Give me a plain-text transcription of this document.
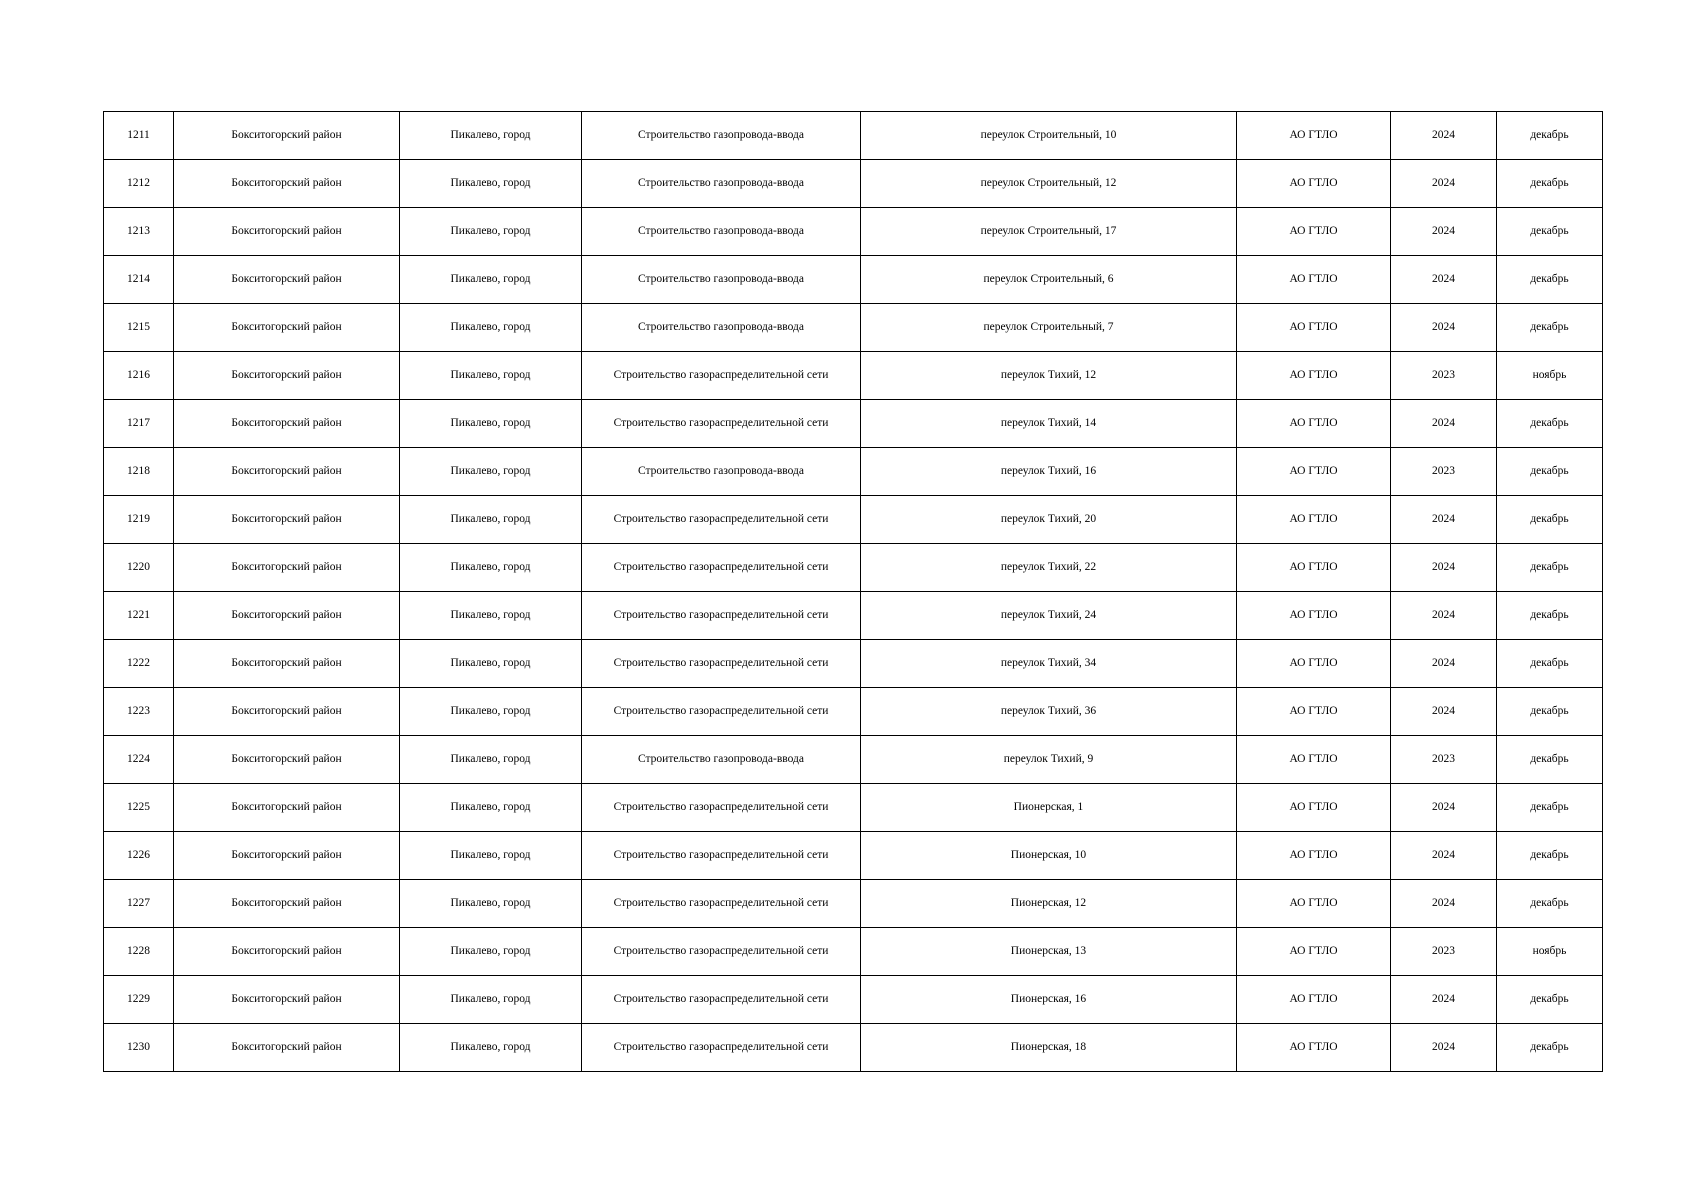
1211	Бокситогорский район	Пикалево, город	Строительство газопровода-ввода	переулок Строительный, 10	АО ГТЛО	2024	декабрь
1212	Бокситогорский район	Пикалево, город	Строительство газопровода-ввода	переулок Строительный, 12	АО ГТЛО	2024	декабрь
1213	Бокситогорский район	Пикалево, город	Строительство газопровода-ввода	переулок Строительный, 17	АО ГТЛО	2024	декабрь
1214	Бокситогорский район	Пикалево, город	Строительство газопровода-ввода	переулок Строительный, 6	АО ГТЛО	2024	декабрь
1215	Бокситогорский район	Пикалево, город	Строительство газопровода-ввода	переулок Строительный, 7	АО ГТЛО	2024	декабрь
1216	Бокситогорский район	Пикалево, город	Строительство газораспределительной сети	переулок Тихий, 12	АО ГТЛО	2023	ноябрь
1217	Бокситогорский район	Пикалево, город	Строительство газораспределительной сети	переулок Тихий, 14	АО ГТЛО	2024	декабрь
1218	Бокситогорский район	Пикалево, город	Строительство газопровода-ввода	переулок Тихий, 16	АО ГТЛО	2023	декабрь
1219	Бокситогорский район	Пикалево, город	Строительство газораспределительной сети	переулок Тихий, 20	АО ГТЛО	2024	декабрь
1220	Бокситогорский район	Пикалево, город	Строительство газораспределительной сети	переулок Тихий, 22	АО ГТЛО	2024	декабрь
1221	Бокситогорский район	Пикалево, город	Строительство газораспределительной сети	переулок Тихий, 24	АО ГТЛО	2024	декабрь
1222	Бокситогорский район	Пикалево, город	Строительство газораспределительной сети	переулок Тихий, 34	АО ГТЛО	2024	декабрь
1223	Бокситогорский район	Пикалево, город	Строительство газораспределительной сети	переулок Тихий, 36	АО ГТЛО	2024	декабрь
1224	Бокситогорский район	Пикалево, город	Строительство газопровода-ввода	переулок Тихий, 9	АО ГТЛО	2023	декабрь
1225	Бокситогорский район	Пикалево, город	Строительство газораспределительной сети	Пионерская, 1	АО ГТЛО	2024	декабрь
1226	Бокситогорский район	Пикалево, город	Строительство газораспределительной сети	Пионерская, 10	АО ГТЛО	2024	декабрь
1227	Бокситогорский район	Пикалево, город	Строительство газораспределительной сети	Пионерская, 12	АО ГТЛО	2024	декабрь
1228	Бокситогорский район	Пикалево, город	Строительство газораспределительной сети	Пионерская, 13	АО ГТЛО	2023	ноябрь
1229	Бокситогорский район	Пикалево, город	Строительство газораспределительной сети	Пионерская, 16	АО ГТЛО	2024	декабрь
1230	Бокситогорский район	Пикалево, город	Строительство газораспределительной сети	Пионерская, 18	АО ГТЛО	2024	декабрь
